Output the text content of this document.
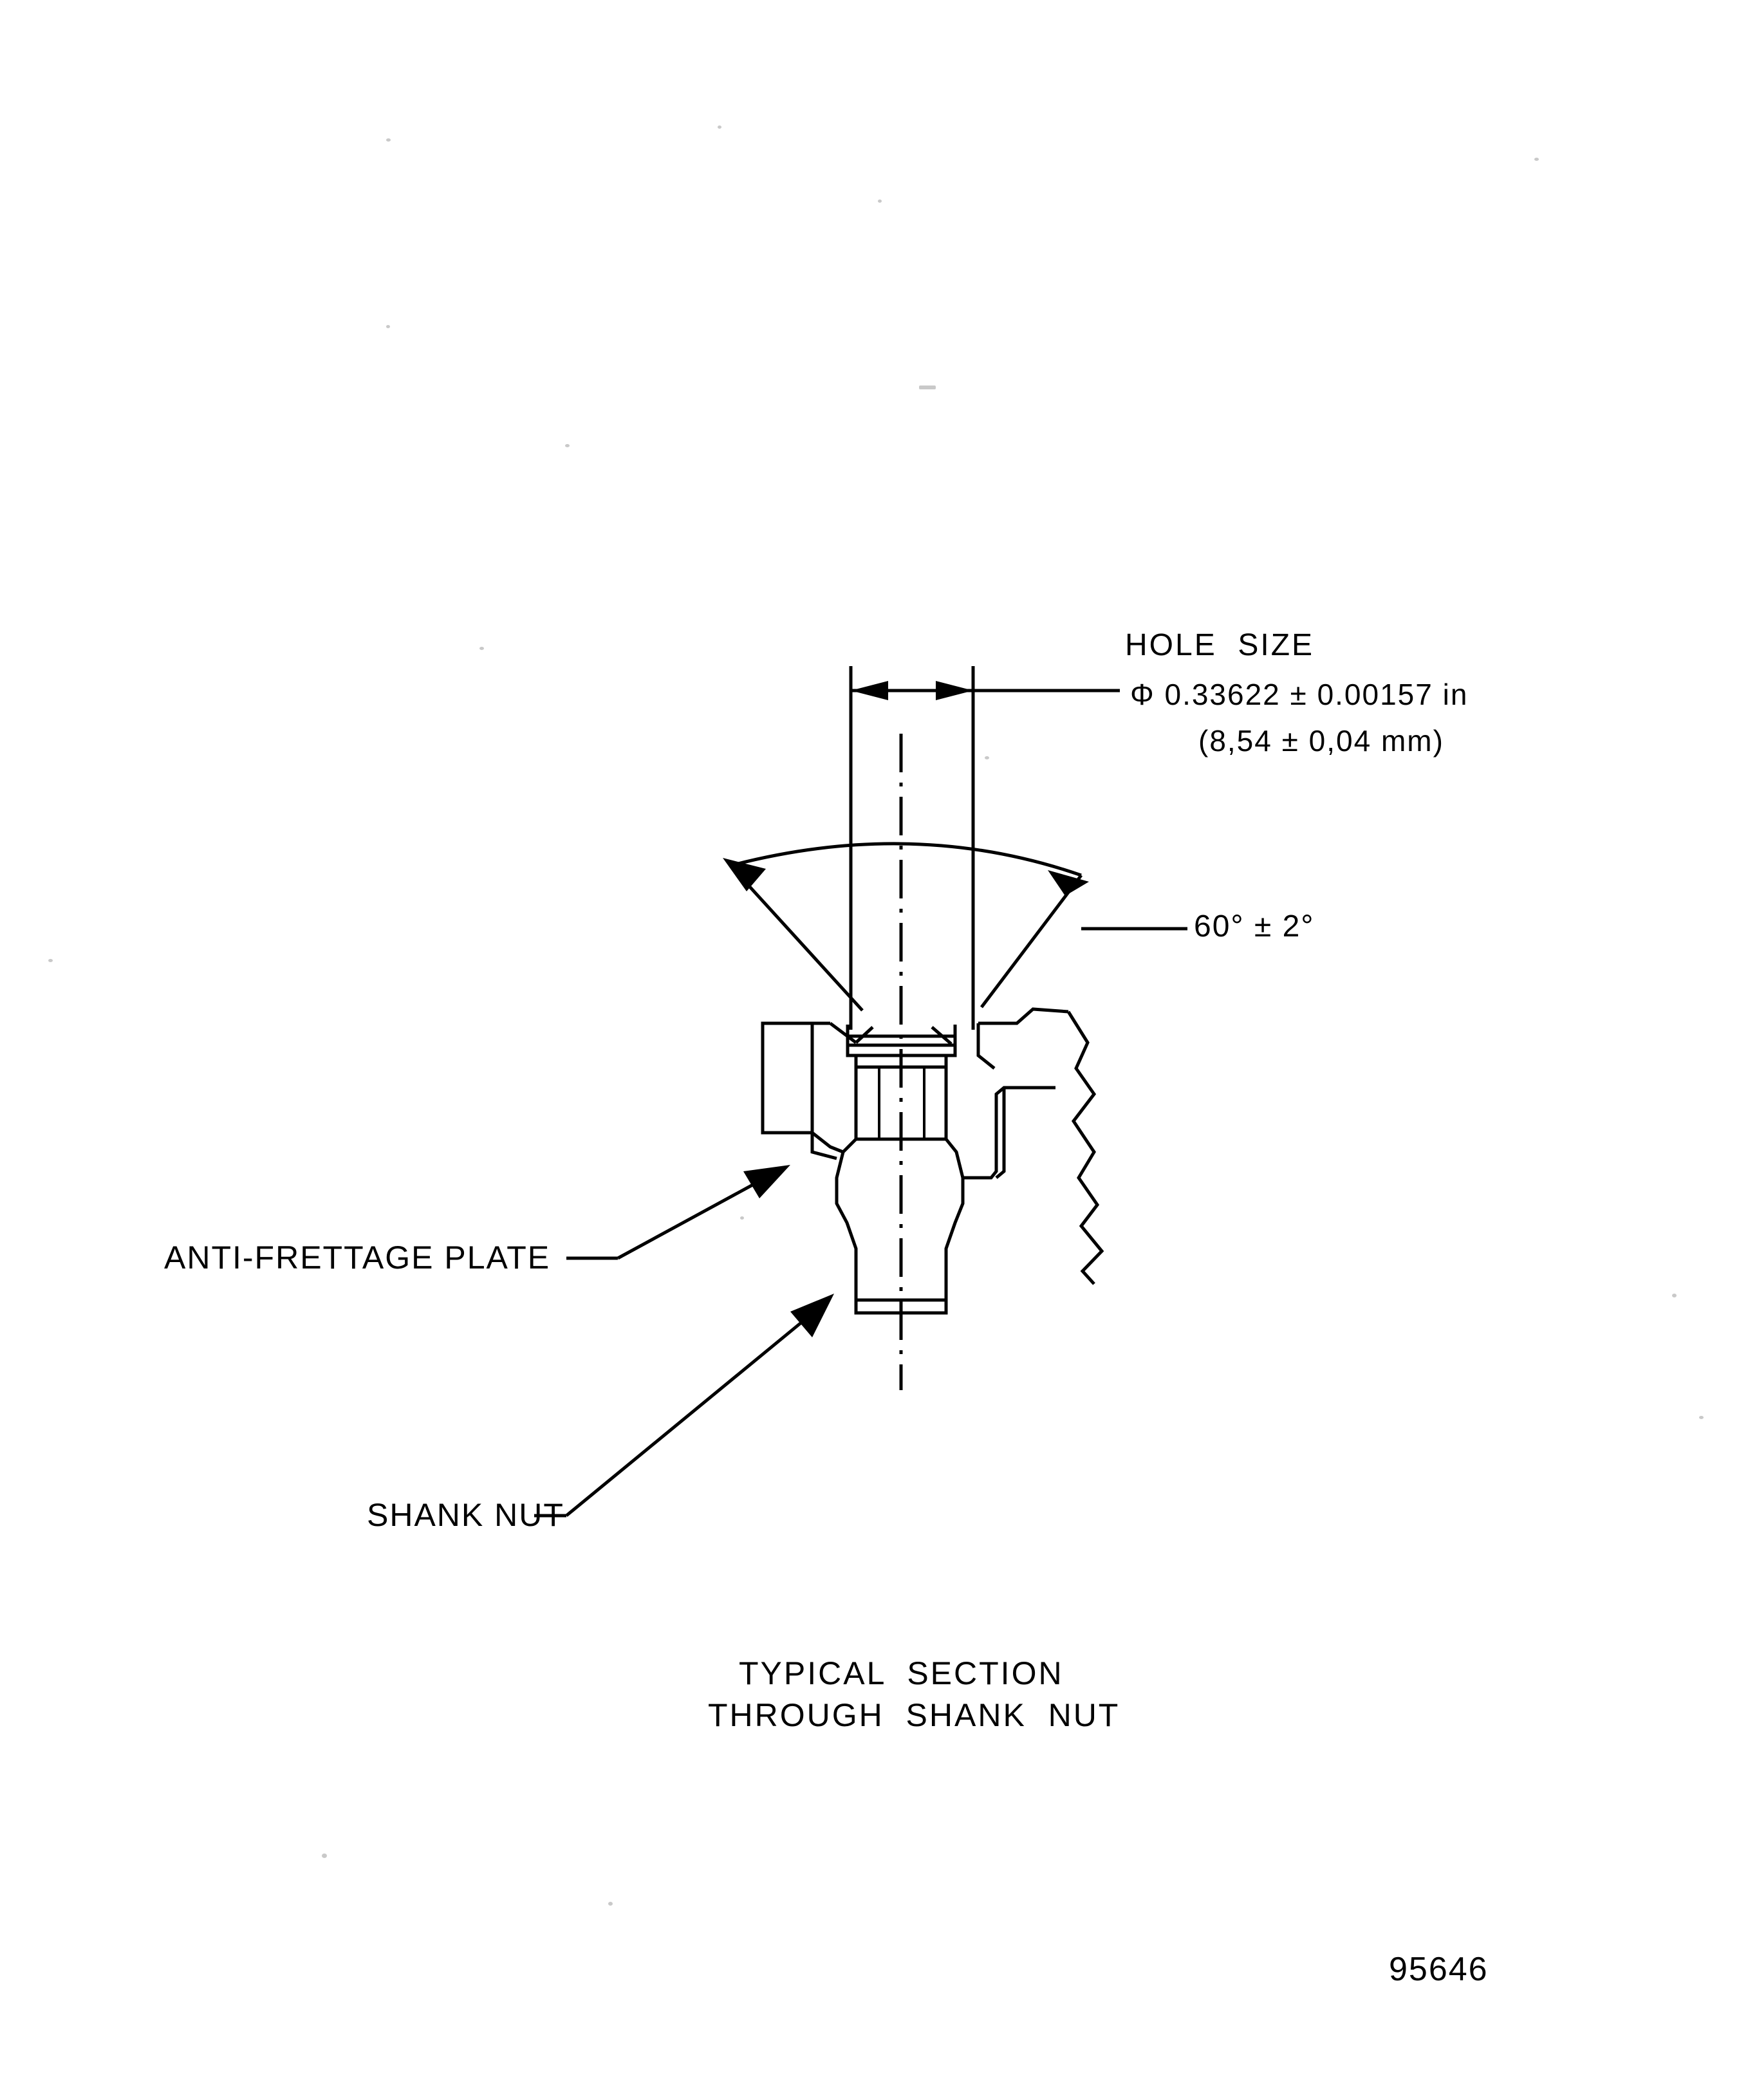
HOLE  SIZE
Φ 0.33622 ± 0.00157 in
(8,54 ± 0,04 mm)
60° ± 2°
ANTI-FRETTAGE PLATE
SHANK NUT
TYPICAL  SECTION
THROUGH  SHANK  NUT
95646
